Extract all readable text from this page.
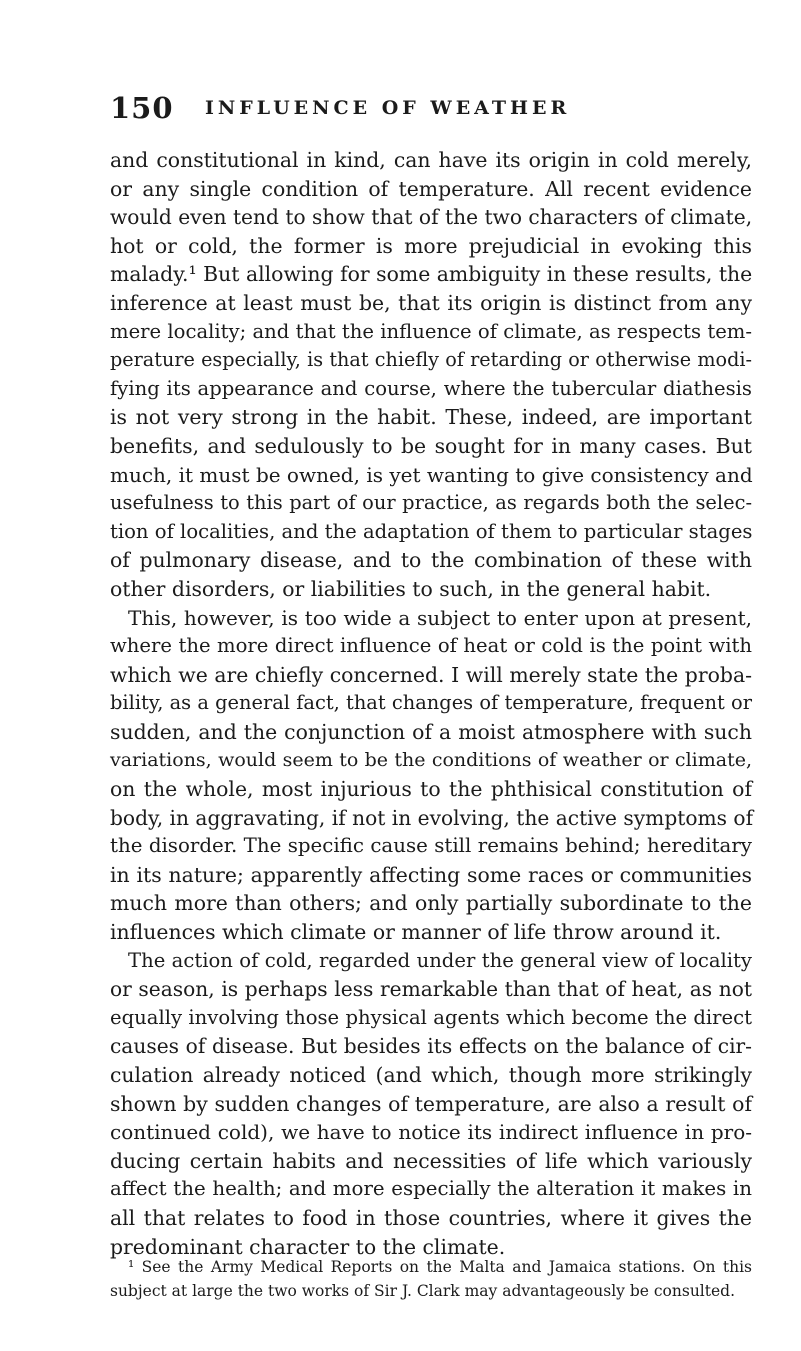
150 INFLUENCE OF WEATHER
and constitutional in kind, can have its origin in cold merely,
or any single condition of temperature. All recent evidence
would even tend to show that of the two characters of climate,
hot or cold, the former is more prejudicial in evoking this
malady.¹ But allowing for some ambiguity in these results, the
inference at least must be, that its origin is distinct from any
mere locality; and that the influence of climate, as respects tem-
perature especially, is that chiefly of retarding or otherwise modi-
fying its appearance and course, where the tubercular diathesis
is not very strong in the habit. These, indeed, are important
benefits, and sedulously to be sought for in many cases. But
much, it must be owned, is yet wanting to give consistency and
usefulness to this part of our practice, as regards both the selec-
tion of localities, and the adaptation of them to particular stages
of pulmonary disease, and to the combination of these with
other disorders, or liabilities to such, in the general habit.
This, however, is too wide a subject to enter upon at present,
where the more direct influence of heat or cold is the point with
which we are chiefly concerned. I will merely state the proba-
bility, as a general fact, that changes of temperature, frequent or
sudden, and the conjunction of a moist atmosphere with such
variations, would seem to be the conditions of weather or climate,
on the whole, most injurious to the phthisical constitution of
body, in aggravating, if not in evolving, the active symptoms of
the disorder. The specific cause still remains behind; hereditary
in its nature; apparently affecting some races or communities
much more than others; and only partially subordinate to the
influences which climate or manner of life throw around it.
The action of cold, regarded under the general view of locality
or season, is perhaps less remarkable than that of heat, as not
equally involving those physical agents which become the direct
causes of disease. But besides its effects on the balance of cir-
culation already noticed (and which, though more strikingly
shown by sudden changes of temperature, are also a result of
continued cold), we have to notice its indirect influence in pro-
ducing certain habits and necessities of life which variously
affect the health; and more especially the alteration it makes in
all that relates to food in those countries, where it gives the
predominant character to the climate.
¹ See the Army Medical Reports on the Malta and Jamaica stations. On this
subject at large the two works of Sir J. Clark may advantageously be consulted.
